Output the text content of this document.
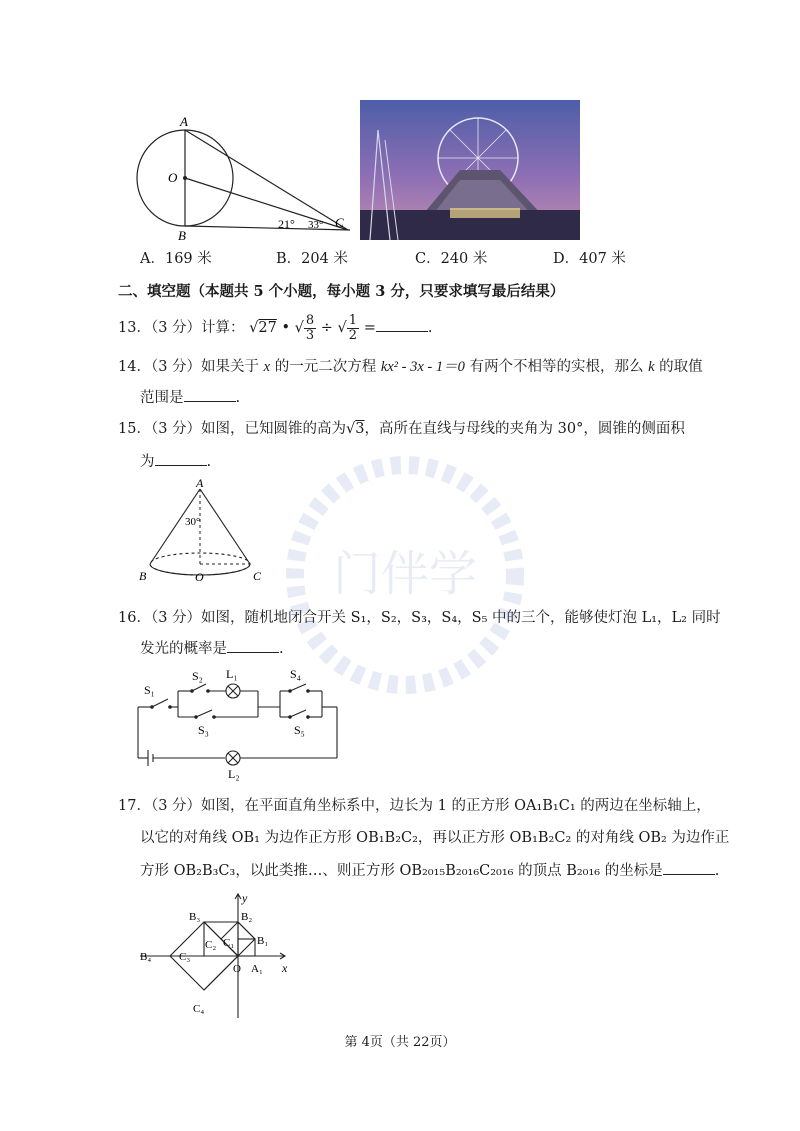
门伴学
A
O
B
C
21° 33°
A．169 米	B．204 米	C．240 米	D．407 米
二、填空题（本题共 5 个小题，每小题 3 分，只要求填写最后结果）
13．（3 分）计算： √27 • √ $\frac{8}{3}$ ÷ √ $\frac{1}{2}$ =	.
14．（3 分）如果关于 x 的一元二次方程 kx² - 3x - 1＝0 有两个不相等的实根，那么 k 的取值
范围是	.
15．（3 分）如图，已知圆锥的高为√3，高所在直线与母线的夹角为 30°，圆锥的侧面积
为	.
A
B	O	C
30°
16．（3 分）如图，随机地闭合开关 S₁，S₂，S₃，S₄，S₅ 中的三个，能够使灯泡 L₁，L₂ 同时
发光的概率是	.
S₁
S₂ L₁
S₃
S₄
S₅
L₂
17．（3 分）如图，在平面直角坐标系中，边长为 1 的正方形 OA₁B₁C₁ 的两边在坐标轴上，
以它的对角线 OB₁ 为边作正方形 OB₁B₂C₂，再以正方形 OB₁B₂C₂ 的对角线 OB₂ 为边作正
方形 OB₂B₃C₃，以此类推…、则正方形 OB₂₀₁₅B₂₀₁₆C₂₀₁₆ 的顶点 B₂₀₁₆ 的坐标是	.
y
x
O A₁
B₁
B₂
B₃
B₄
C₁
C₂
C₃
C₄
第 4页（共 22页）
